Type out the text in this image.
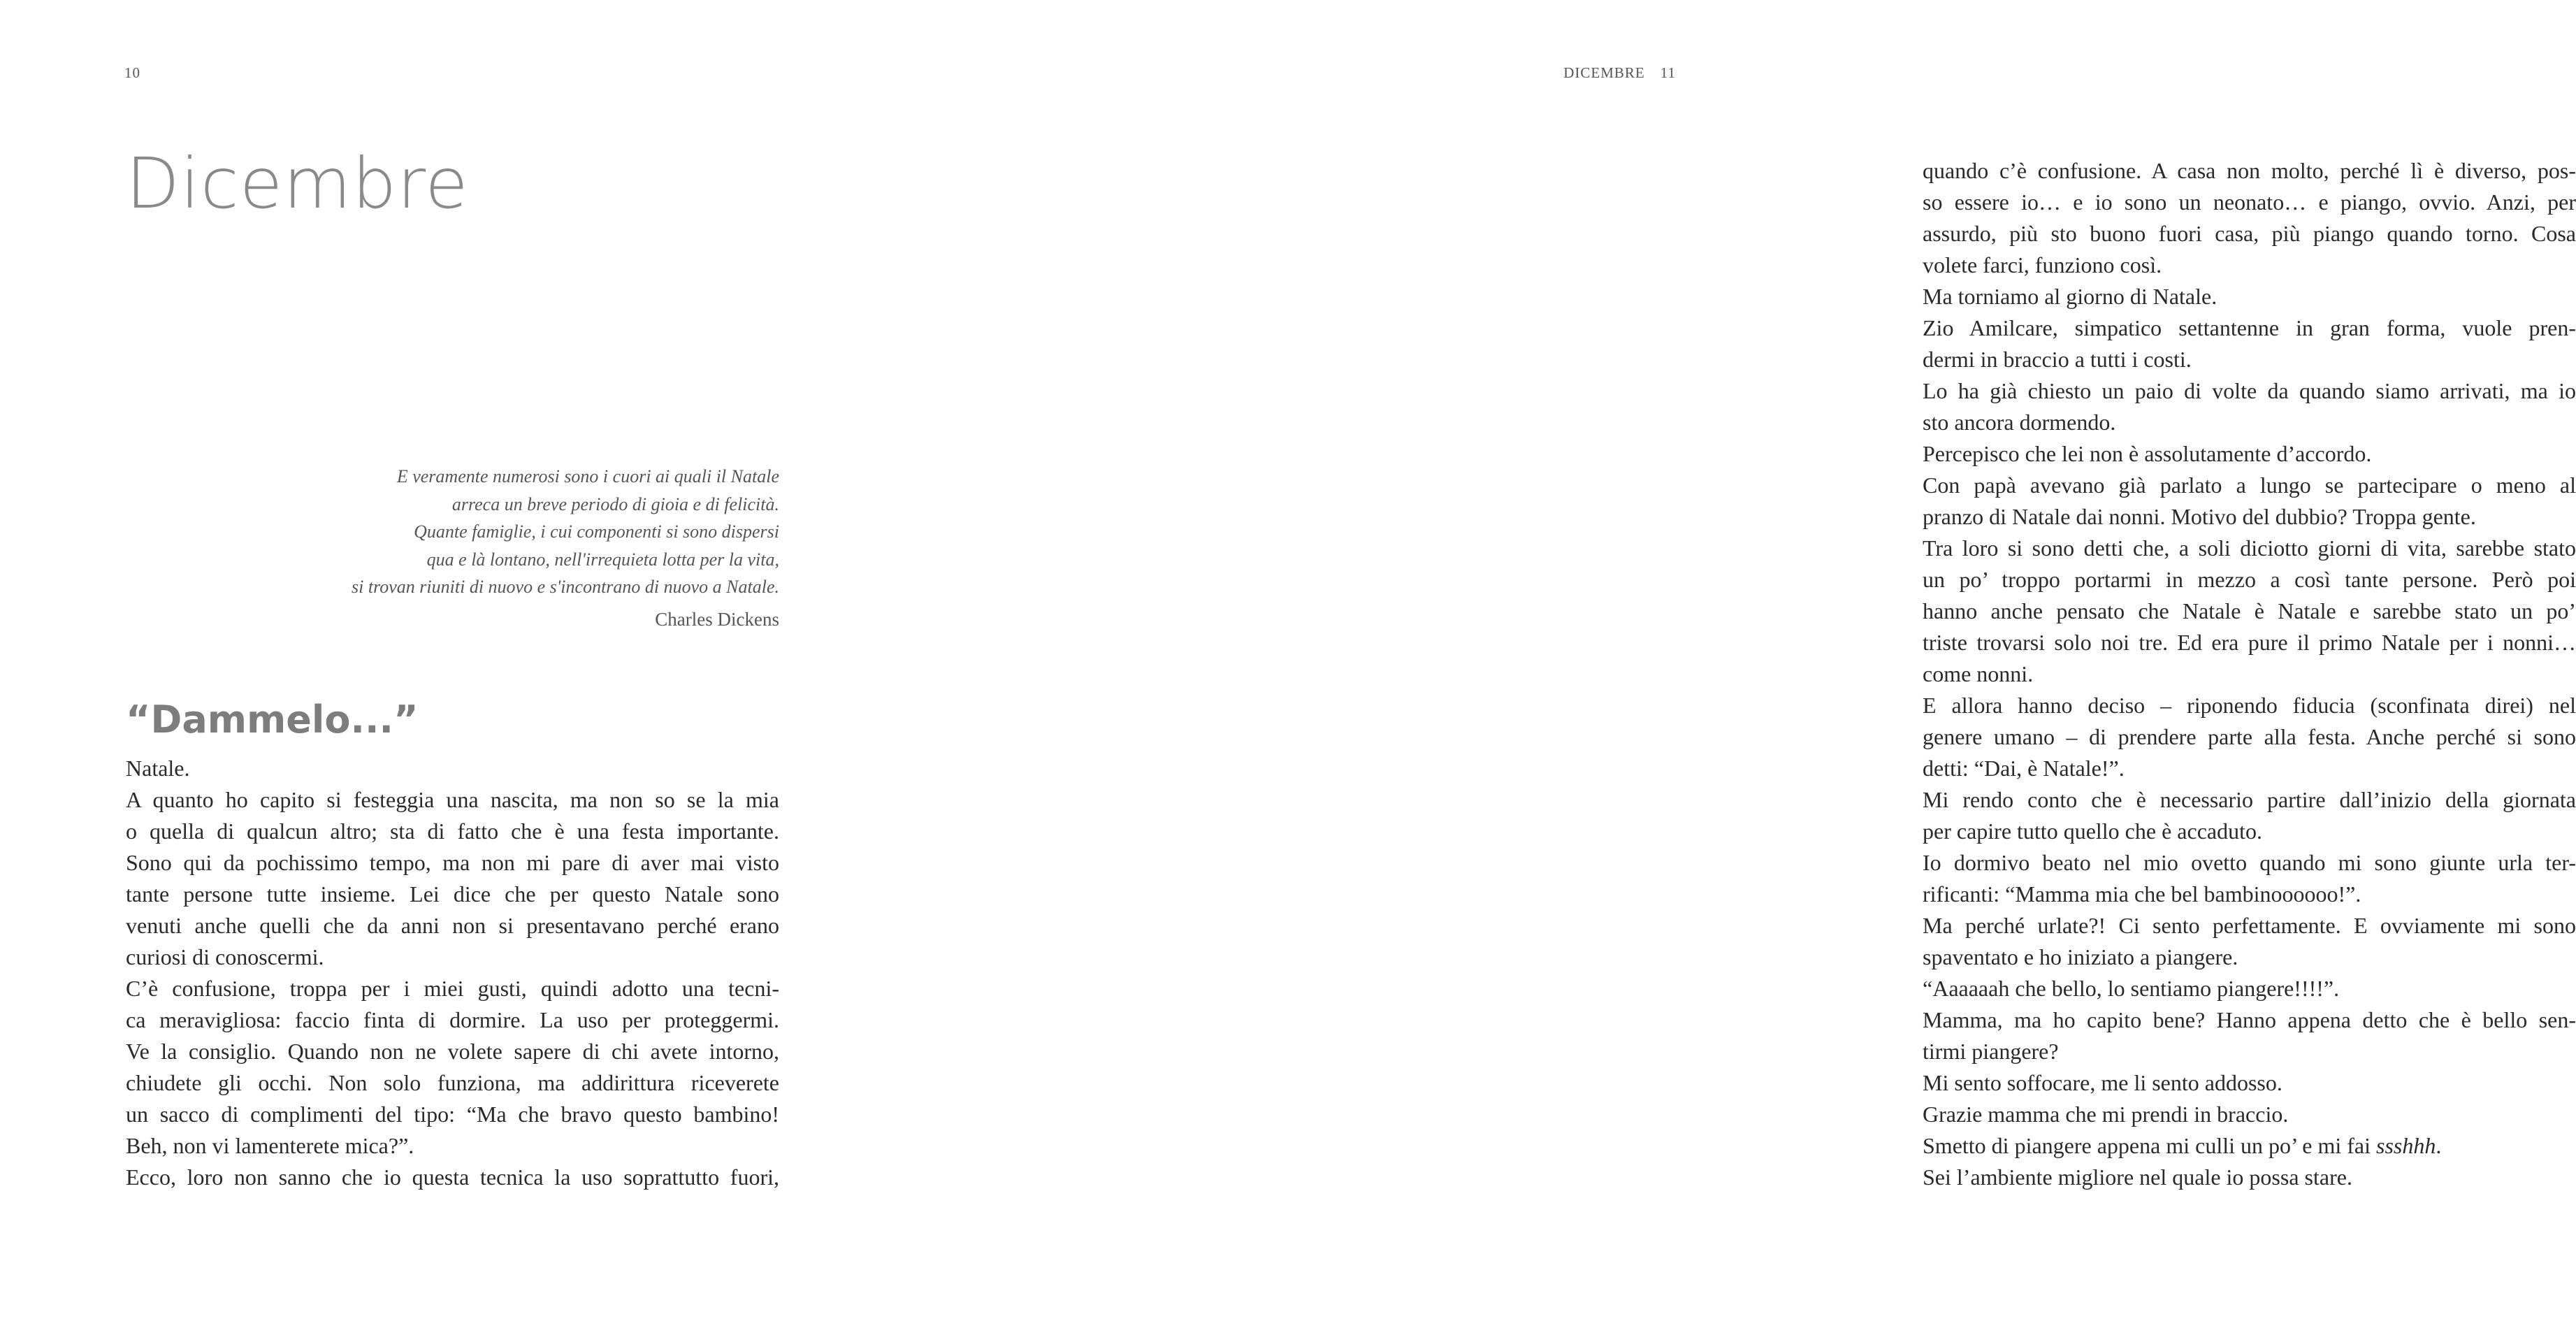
10
Dicembre
E veramente numerosi sono i cuori ai quali il Natale
arreca un breve periodo di gioia e di felicità.
Quante famiglie, i cui componenti si sono dispersi
qua e là lontano, nell'irrequieta lotta per la vita,
si trovan riuniti di nuovo e s'incontrano di nuovo a Natale.
Charles Dickens
“Dammelo...”
Natale.
A quanto ho capito si festeggia una nascita, ma non so se la mia
o quella di qualcun altro; sta di fatto che è una festa importante.
Sono qui da pochissimo tempo, ma non mi pare di aver mai visto
tante persone tutte insieme. Lei dice che per questo Natale sono
venuti anche quelli che da anni non si presentavano perché erano
curiosi di conoscermi.
C’è confusione, troppa per i miei gusti, quindi adotto una tecni-
ca meravigliosa: faccio finta di dormire. La uso per proteggermi.
Ve la consiglio. Quando non ne volete sapere di chi avete intorno,
chiudete gli occhi. Non solo funziona, ma addirittura riceverete
un sacco di complimenti del tipo: “Ma che bravo questo bambino!
Beh, non vi lamenterete mica?”.
Ecco, loro non sanno che io questa tecnica la uso soprattutto fuori,
DICEMBRE 11
quando c’è confusione. A casa non molto, perché lì è diverso, pos-
so essere io… e io sono un neonato… e piango, ovvio. Anzi, per
assurdo, più sto buono fuori casa, più piango quando torno. Cosa
volete farci, funziono così.
Ma torniamo al giorno di Natale.
Zio Amilcare, simpatico settantenne in gran forma, vuole pren-
dermi in braccio a tutti i costi.
Lo ha già chiesto un paio di volte da quando siamo arrivati, ma io
sto ancora dormendo.
Percepisco che lei non è assolutamente d’accordo.
Con papà avevano già parlato a lungo se partecipare o meno al
pranzo di Natale dai nonni. Motivo del dubbio? Troppa gente.
Tra loro si sono detti che, a soli diciotto giorni di vita, sarebbe stato
un po’ troppo portarmi in mezzo a così tante persone. Però poi
hanno anche pensato che Natale è Natale e sarebbe stato un po’
triste trovarsi solo noi tre. Ed era pure il primo Natale per i nonni…
come nonni.
E allora hanno deciso – riponendo fiducia (sconfinata direi) nel
genere umano – di prendere parte alla festa. Anche perché si sono
detti: “Dai, è Natale!”.
Mi rendo conto che è necessario partire dall’inizio della giornata
per capire tutto quello che è accaduto.
Io dormivo beato nel mio ovetto quando mi sono giunte urla ter-
rificanti: “Mamma mia che bel bambinoooooo!”.
Ma perché urlate?! Ci sento perfettamente. E ovviamente mi sono
spaventato e ho iniziato a piangere.
“Aaaaaah che bello, lo sentiamo piangere!!!!”.
Mamma, ma ho capito bene? Hanno appena detto che è bello sen-
tirmi piangere?
Mi sento soffocare, me li sento addosso.
Grazie mamma che mi prendi in braccio.
Smetto di piangere appena mi culli un po’ e mi fai ssshhh.
Sei l’ambiente migliore nel quale io possa stare.
